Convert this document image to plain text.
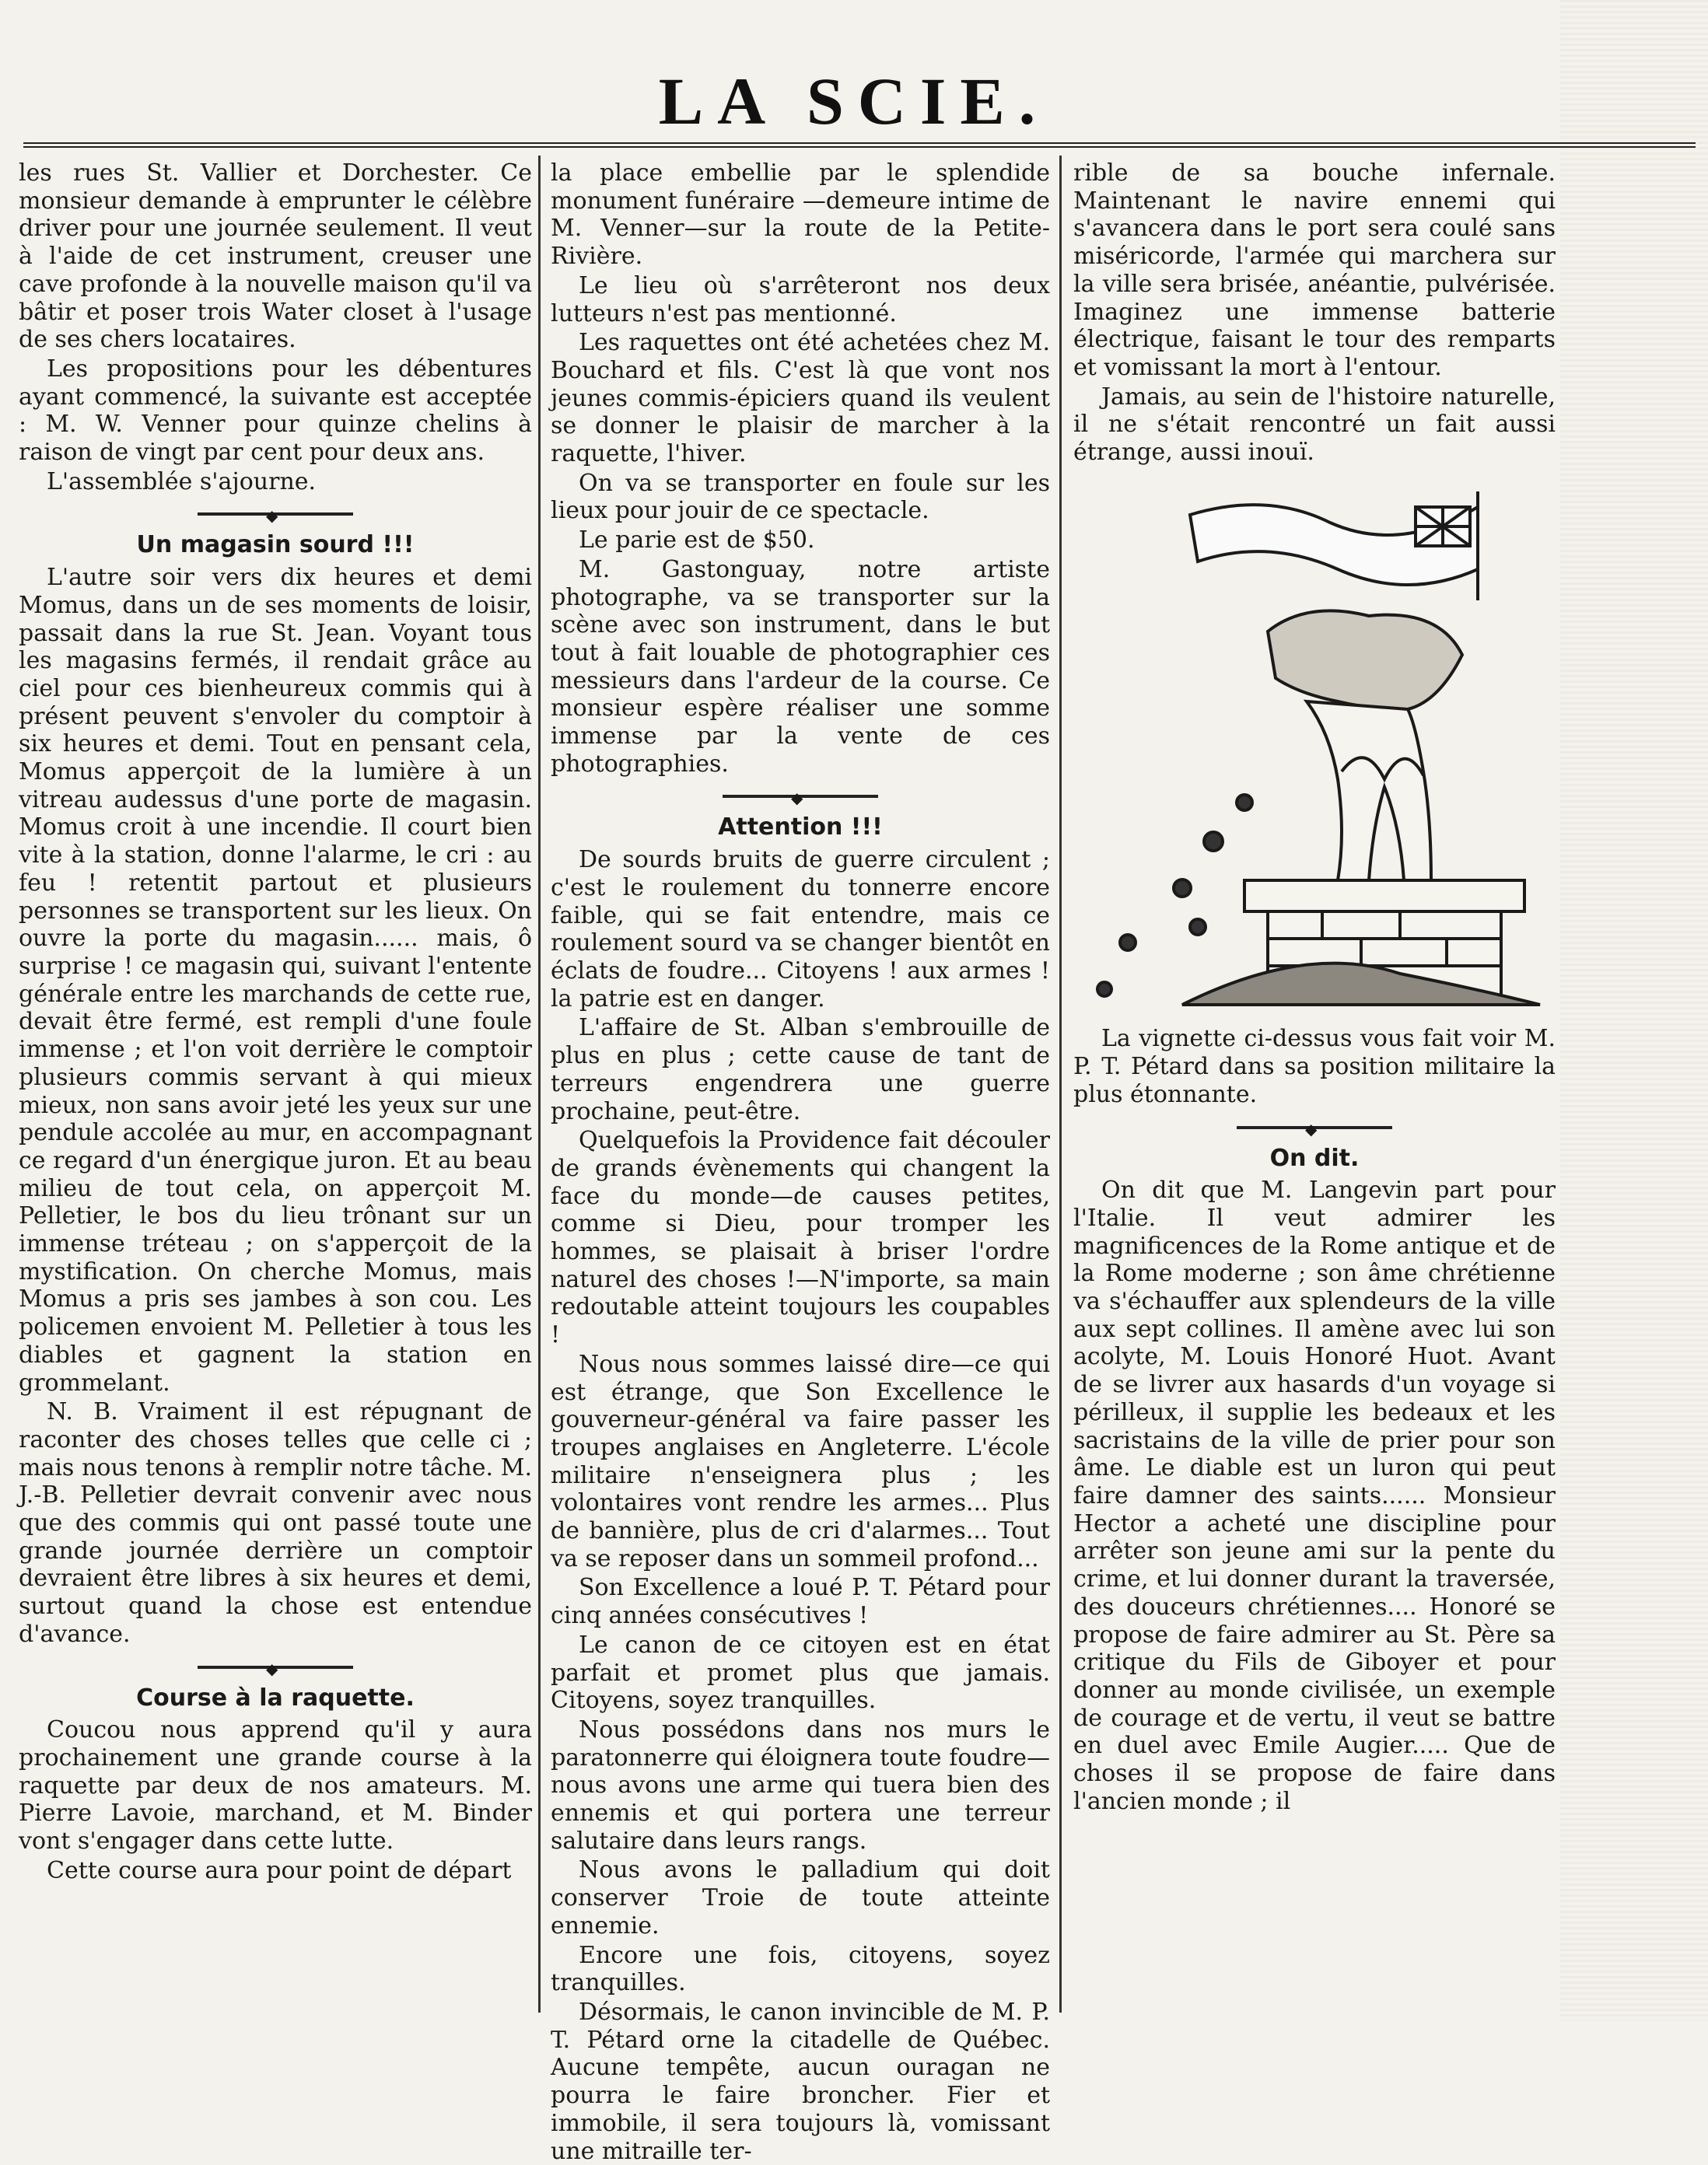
LA SCIE.

les rues St. Vallier et Dorchester. Ce monsieur demande à emprunter le célèbre driver pour une journée seulement. Il veut à l'aide de cet instrument, creuser une cave profonde à la nouvelle maison qu'il va bâtir et poser trois Water closet à l'usage de ses chers locataires.

Les propositions pour les débentures ayant commencé, la suivante est acceptée : M. W. Venner pour quinze chelins à raison de vingt par cent pour deux ans.

L'assemblée s'ajourne.

◆
Un magasin sourd !!!

L'autre soir vers dix heures et demi Momus, dans un de ses moments de loisir, passait dans la rue St. Jean. Voyant tous les magasins fermés, il rendait grâce au ciel pour ces bienheureux commis qui à présent peuvent s'envoler du comptoir à six heures et demi. Tout en pensant cela, Momus apperçoit de la lumière à un vitreau audessus d'une porte de magasin. Momus croit à une incendie. Il court bien vite à la station, donne l'alarme, le cri : au feu ! retentit partout et plusieurs personnes se transportent sur les lieux. On ouvre la porte du magasin...... mais, ô surprise ! ce magasin qui, suivant l'entente générale entre les marchands de cette rue, devait être fermé, est rempli d'une foule immense ; et l'on voit derrière le comptoir plusieurs commis servant à qui mieux mieux, non sans avoir jeté les yeux sur une pendule accolée au mur, en accompagnant ce regard d'un énergique juron. Et au beau milieu de tout cela, on apperçoit M. Pelletier, le bos du lieu trônant sur un immense tréteau ; on s'apperçoit de la mystification. On cherche Momus, mais Momus a pris ses jambes à son cou. Les policemen envoient M. Pelletier à tous les diables et gagnent la station en grommelant.

N. B. Vraiment il est répugnant de raconter des choses telles que celle ci ; mais nous tenons à remplir notre tâche. M. J.-B. Pelletier devrait convenir avec nous que des commis qui ont passé toute une grande journée derrière un comptoir devraient être libres à six heures et demi, surtout quand la chose est entendue d'avance.

◆
Course à la raquette.

Coucou nous apprend qu'il y aura prochainement une grande course à la raquette par deux de nos amateurs. M. Pierre Lavoie, marchand, et M. Binder vont s'engager dans cette lutte.

Cette course aura pour point de départ

la place embellie par le splendide monument funéraire —demeure intime de M. Venner—sur la route de la Petite-Rivière.

Le lieu où s'arrêteront nos deux lutteurs n'est pas mentionné.

Les raquettes ont été achetées chez M. Bouchard et fils. C'est là que vont nos jeunes commis-épiciers quand ils veulent se donner le plaisir de marcher à la raquette, l'hiver.

On va se transporter en foule sur les lieux pour jouir de ce spectacle.

Le parie est de $50.

M. Gastonguay, notre artiste photographe, va se transporter sur la scène avec son instrument, dans le but tout à fait louable de photographier ces messieurs dans l'ardeur de la course. Ce monsieur espère réaliser une somme immense par la vente de ces photographies.

◆
Attention !!!

De sourds bruits de guerre circulent ; c'est le roulement du tonnerre encore faible, qui se fait entendre, mais ce roulement sourd va se changer bientôt en éclats de foudre... Citoyens ! aux armes ! la patrie est en danger.

L'affaire de St. Alban s'embrouille de plus en plus ; cette cause de tant de terreurs engendrera une guerre prochaine, peut-être.

Quelquefois la Providence fait découler de grands évènements qui changent la face du monde—de causes petites, comme si Dieu, pour tromper les hommes, se plaisait à briser l'ordre naturel des choses !—N'importe, sa main redoutable atteint toujours les coupables !

Nous nous sommes laissé dire—ce qui est étrange, que Son Excellence le gouverneur-général va faire passer les troupes anglaises en Angleterre. L'école militaire n'enseignera plus ; les volontaires vont rendre les armes... Plus de bannière, plus de cri d'alarmes... Tout va se reposer dans un sommeil profond...

Son Excellence a loué P. T. Pétard pour cinq années consécutives !

Le canon de ce citoyen est en état parfait et promet plus que jamais. Citoyens, soyez tranquilles.

Nous possédons dans nos murs le paratonnerre qui éloignera toute foudre—nous avons une arme qui tuera bien des ennemis et qui portera une terreur salutaire dans leurs rangs.

Nous avons le palladium qui doit conserver Troie de toute atteinte ennemie.

Encore une fois, citoyens, soyez tranquilles.

Désormais, le canon invincible de M. P. T. Pétard orne la citadelle de Québec. Aucune tempête, aucun ouragan ne pourra le faire broncher. Fier et immobile, il sera toujours là, vomissant une mitraille ter-

rible de sa bouche infernale. Maintenant le navire ennemi qui s'avancera dans le port sera coulé sans miséricorde, l'armée qui marchera sur la ville sera brisée, anéantie, pulvérisée. Imaginez une immense batterie électrique, faisant le tour des remparts et vomissant la mort à l'entour.

Jamais, au sein de l'histoire naturelle, il ne s'était rencontré un fait aussi étrange, aussi inouï.

La vignette ci-dessus vous fait voir M. P. T. Pétard dans sa position militaire la plus étonnante.

◆
On dit.

On dit que M. Langevin part pour l'Italie. Il veut admirer les magnificences de la Rome antique et de la Rome moderne ; son âme chrétienne va s'échauffer aux splendeurs de la ville aux sept collines. Il amène avec lui son acolyte, M. Louis Honoré Huot. Avant de se livrer aux hasards d'un voyage si périlleux, il supplie les bedeaux et les sacristains de la ville de prier pour son âme. Le diable est un luron qui peut faire damner des saints...... Monsieur Hector a acheté une discipline pour arrêter son jeune ami sur la pente du crime, et lui donner durant la traversée, des douceurs chrétiennes.... Honoré se propose de faire admirer au St. Père sa critique du Fils de Giboyer et pour donner au monde civilisée, un exemple de courage et de vertu, il veut se battre en duel avec Emile Augier..... Que de choses il se propose de faire dans l'ancien monde ; il
